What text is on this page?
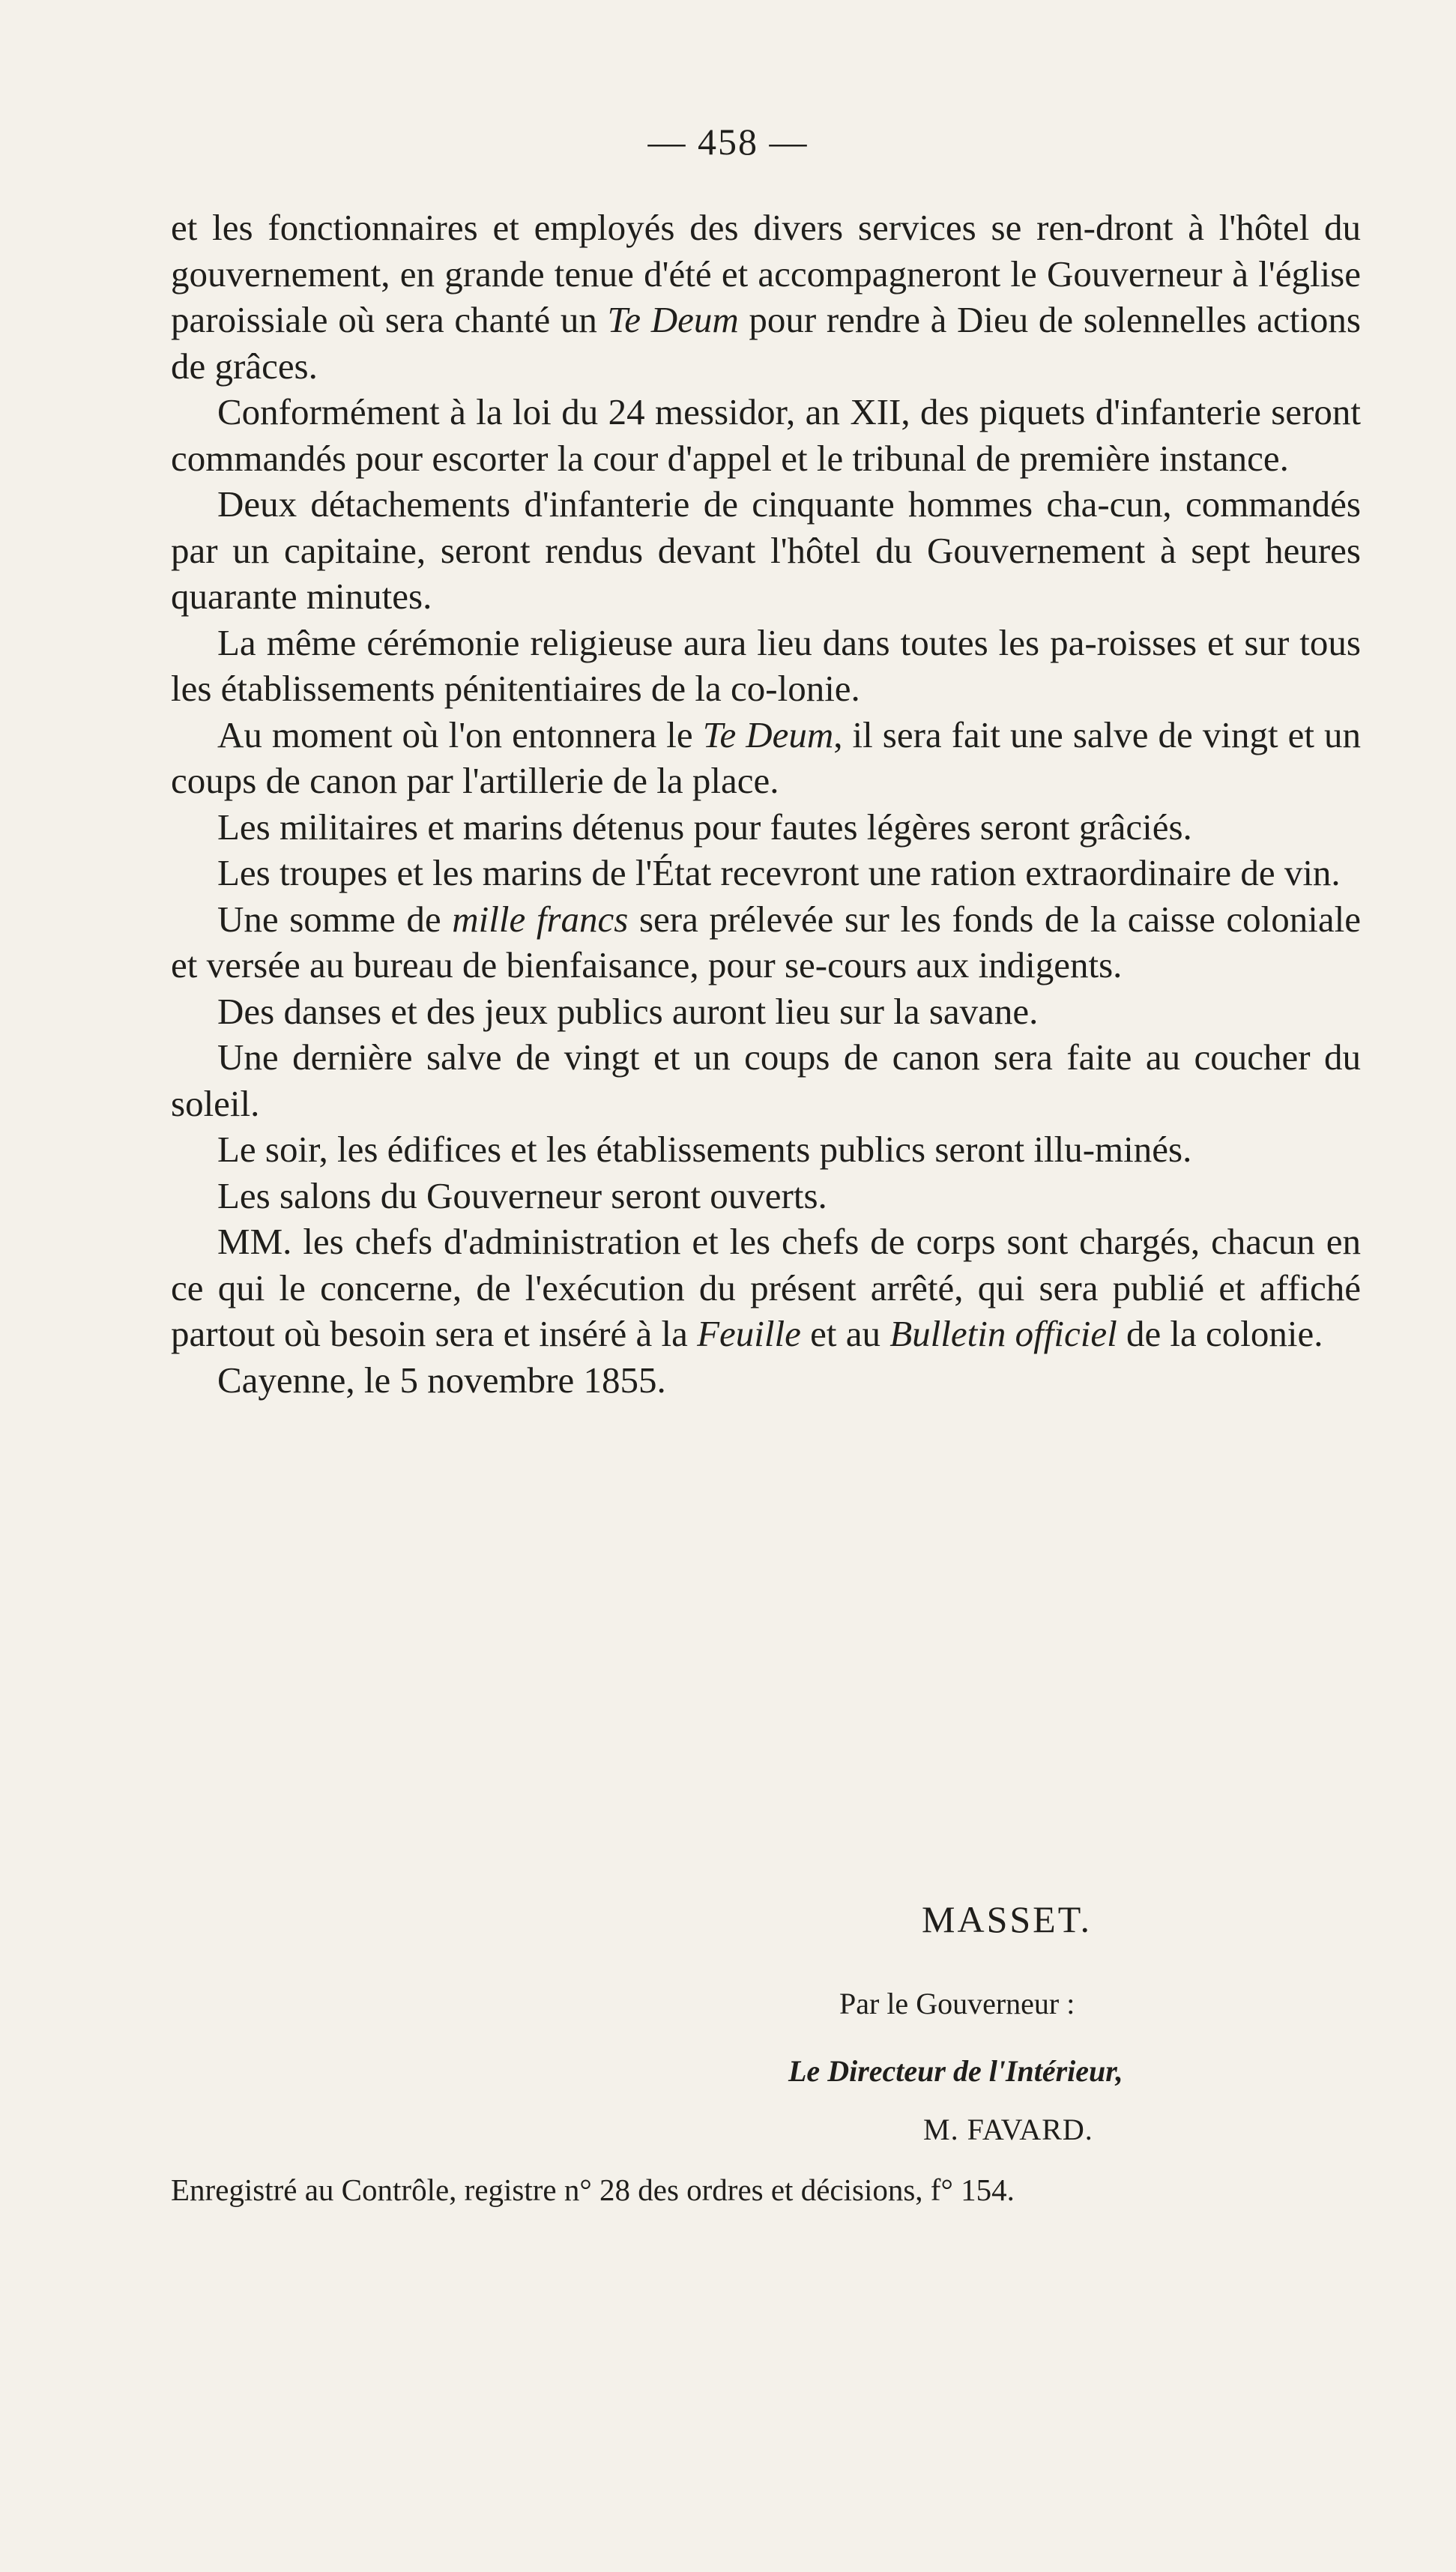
— 458 —

et les fonctionnaires et employés des divers services se ren-dront à l'hôtel du gouvernement, en grande tenue d'été et accompagneront le Gouverneur à l'église paroissiale où sera chanté un Te Deum pour rendre à Dieu de solennelles actions de grâces.

Conformément à la loi du 24 messidor, an XII, des piquets d'infanterie seront commandés pour escorter la cour d'appel et le tribunal de première instance.

Deux détachements d'infanterie de cinquante hommes cha-cun, commandés par un capitaine, seront rendus devant l'hôtel du Gouvernement à sept heures quarante minutes.

La même cérémonie religieuse aura lieu dans toutes les pa-roisses et sur tous les établissements pénitentiaires de la co-lonie.

Au moment où l'on entonnera le Te Deum, il sera fait une salve de vingt et un coups de canon par l'artillerie de la place.

Les militaires et marins détenus pour fautes légères seront grâciés.

Les troupes et les marins de l'État recevront une ration extraordinaire de vin.

Une somme de mille francs sera prélevée sur les fonds de la caisse coloniale et versée au bureau de bienfaisance, pour se-cours aux indigents.

Des danses et des jeux publics auront lieu sur la savane.

Une dernière salve de vingt et un coups de canon sera faite au coucher du soleil.

Le soir, les édifices et les établissements publics seront illu-minés.

Les salons du Gouverneur seront ouverts.

MM. les chefs d'administration et les chefs de corps sont chargés, chacun en ce qui le concerne, de l'exécution du présent arrêté, qui sera publié et affiché partout où besoin sera et inséré à la Feuille et au Bulletin officiel de la colonie.

Cayenne, le 5 novembre 1855.

MASSET.
Par le Gouverneur :
Le Directeur de l'Intérieur,
M. FAVARD.
Enregistré au Contrôle, registre n° 28 des ordres et décisions, f° 154.
